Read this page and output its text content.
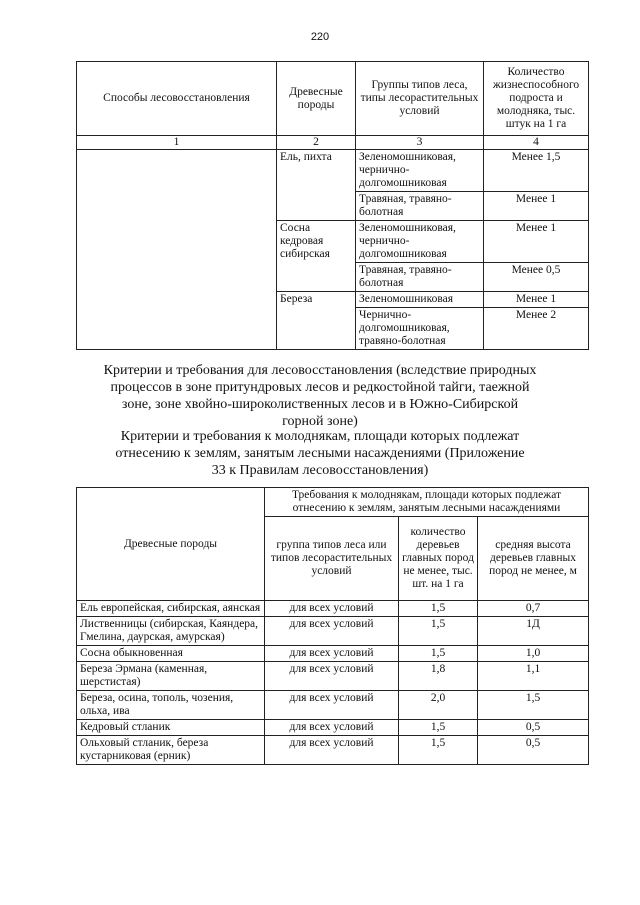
220
Способы лесовосстановления	Древесные породы	Группы типов леса, типы лесорастительных условий	Количество жизнеспособного подроста и молодняка, тыс. штук на 1 га
1	2	3	4
	Ель, пихта	Зеленомошниковая, чернично-долгомошниковая	Менее 1,5
		Травяная, травяно-болотная	Менее 1
	Сосна кедровая сибирская	Зеленомошниковая, чернично-долгомошниковая	Менее 1
		Травяная, травяно-болотная	Менее 0,5
	Береза	Зеленомошниковая	Менее 1
		Чернично-долгомошниковая, травяно-болотная	Менее 2
Критерии и требования для лесовосстановления (вследствие природных процессов в зоне притундровых лесов и редкостойной тайги, таежной зоне, зоне хвойно-широколиственных лесов и в Южно-Сибирской горной зоне)
Критерии и требования к молоднякам, площади которых подлежат отнесению к землям, занятым лесными насаждениями (Приложение 33 к Правилам лесовосстановления)
Древесные породы	Требования к молоднякам, площади которых подлежат отнесению к землям, занятым лесными насаждениями		
	группа типов леса или типов лесорастительных условий	количество деревьев главных пород не менее, тыс. шт. на 1 га	средняя высота деревьев главных пород не менее, м
Ель европейская, сибирская, аянская	для всех условий	1,5	0,7
Лиственницы (сибирская, Каяндера, Гмелина, даурская, амурская)	для всех условий	1,5	1Д
Сосна обыкновенная	для всех условий	1,5	1,0
Береза Эрмана (каменная, шерстистая)	для всех условий	1,8	1,1
Береза, осина, тополь, чозения, ольха, ива	для всех условий	2,0	1,5
Кедровый стланик	для всех условий	1,5	0,5
Ольховый стланик, береза кустарниковая (ерник)	для всех условий	1,5	0,5
